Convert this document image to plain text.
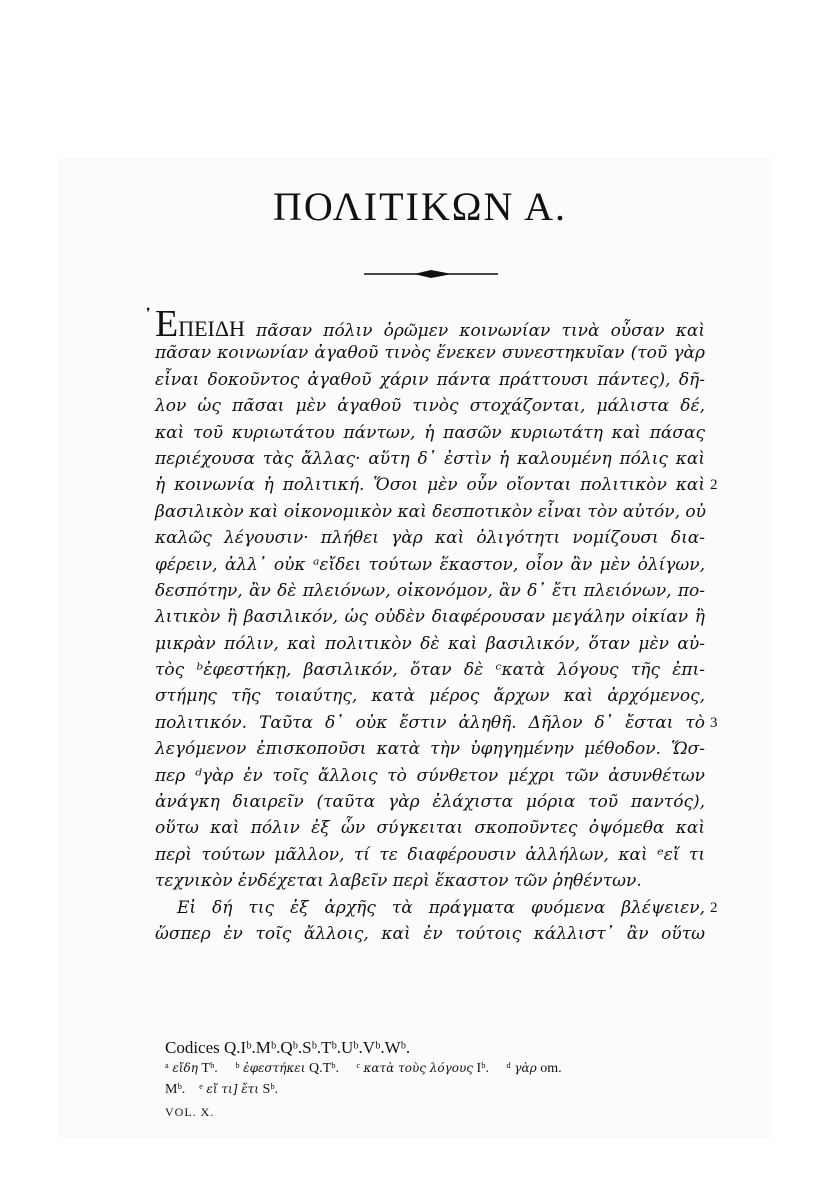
ΠΟΛΙΤΙΚΩΝ Α.
᾿ ΕΠΕΙΔΗ πᾶσαν πόλιν ὁρῶμεν κοινωνίαν τινὰ οὖσαν καὶ
πᾶσαν κοινωνίαν ἀγαθοῦ τινὸς ἕνεκεν συνεστηκυῖαν (τοῦ γὰρ
εἶναι δοκοῦντος ἀγαθοῦ χάριν πάντα πράττουσι πάντες), δῆ-
λον ὡς πᾶσαι μὲν ἀγαθοῦ τινὸς στοχάζονται, μάλιστα δέ,
καὶ τοῦ κυριωτάτου πάντων, ἡ πασῶν κυριωτάτη καὶ πάσας
περιέχουσα τὰς ἄλλας· αὕτη δ᾿ ἐστὶν ἡ καλουμένη πόλις καὶ
ἡ κοινωνία ἡ πολιτική. Ὅσοι μὲν οὖν οἴονται πολιτικὸν καὶ 2
βασιλικὸν καὶ οἰκονομικὸν καὶ δεσποτικὸν εἶναι τὸν αὐτόν, οὐ
καλῶς λέγουσιν· πλήθει γὰρ καὶ ὀλιγότητι νομίζουσι δια-
φέρειν, ἀλλ᾿ οὐκ ᵃεἴδει τούτων ἕκαστον, οἷον ἂν μὲν ὀλίγων,
δεσπότην, ἂν δὲ πλειόνων, οἰκονόμον, ἂν δ᾿ ἔτι πλειόνων, πο-
λιτικὸν ἢ βασιλικόν, ὡς οὐδὲν διαφέρουσαν μεγάλην οἰκίαν ἢ
μικρὰν πόλιν, καὶ πολιτικὸν δὲ καὶ βασιλικόν, ὅταν μὲν αὐ-
τὸς ᵇἐφεστήκῃ, βασιλικόν, ὅταν δὲ ᶜκατὰ λόγους τῆς ἐπι-
στήμης τῆς τοιαύτης, κατὰ μέρος ἄρχων καὶ ἀρχόμενος,
πολιτικόν. Ταῦτα δ᾿ οὐκ ἔστιν ἀληθῆ. Δῆλον δ᾿ ἔσται τὸ 3
λεγόμενον ἐπισκοποῦσι κατὰ τὴν ὑφηγημένην μέθοδον. Ὥσ-
περ ᵈγὰρ ἐν τοῖς ἄλλοις τὸ σύνθετον μέχρι τῶν ἀσυνθέτων
ἀνάγκη διαιρεῖν (ταῦτα γὰρ ἐλάχιστα μόρια τοῦ παντός),
οὕτω καὶ πόλιν ἐξ ὧν σύγκειται σκοποῦντες ὀψόμεθα καὶ
περὶ τούτων μᾶλλον, τί τε διαφέρουσιν ἀλλήλων, καὶ ᵉεἴ τι
τεχνικὸν ἐνδέχεται λαβεῖν περὶ ἕκαστον τῶν ῥηθέντων.
Εἰ δή τις ἐξ ἀρχῆς τὰ πράγματα φυόμενα βλέψειεν, 2
ὥσπερ ἐν τοῖς ἄλλοις, καὶ ἐν τούτοις κάλλιστ᾿ ἂν οὕτω
Codices Q.Iᵇ.Mᵇ.Qᵇ.Sᵇ.Tᵇ.Uᵇ.Vᵇ.Wᵇ.
ᵃ εἴδη Tᵇ. ᵇ ἐφεστήκει Q.Tᵇ. ᶜ κατὰ τοὺς λόγους Iᵇ. ᵈ γὰρ om.
Mᵇ. ᵉ εἴ τι] ἔτι Sᵇ.
VOL. X.
